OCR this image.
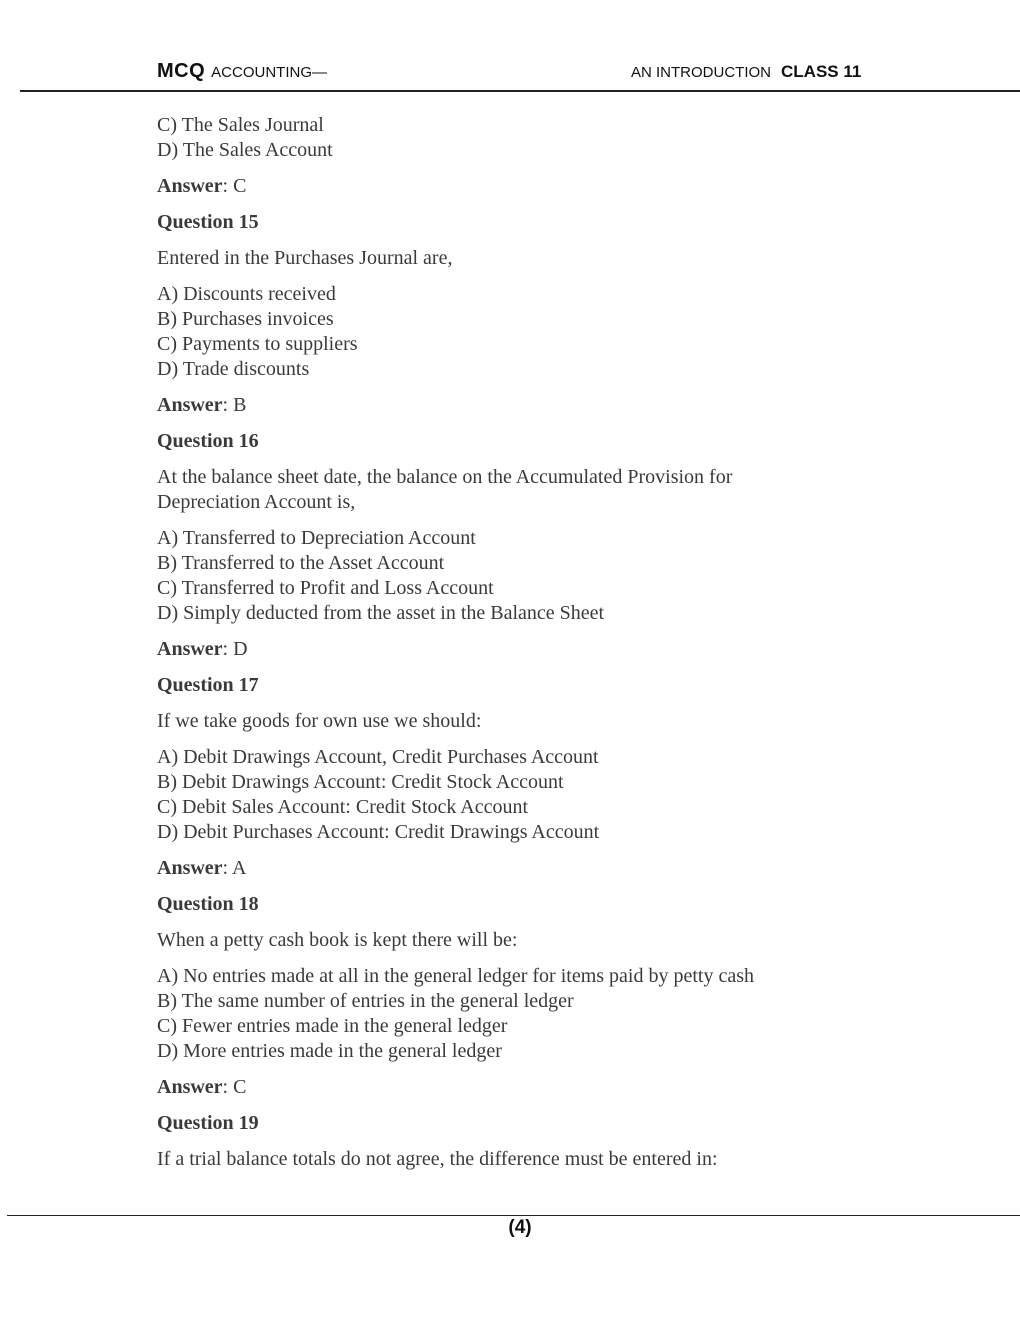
MCQ ACCOUNTING—	AN INTRODUCTION CLASS 11

C) The Sales Journal

D) The Sales Account

Answer: C

Question 15

Entered in the Purchases Journal are,

A) Discounts received

B) Purchases invoices

C) Payments to suppliers

D) Trade discounts

Answer: B

Question 16

At the balance sheet date, the balance on the Accumulated Provision for

Depreciation Account is,

A) Transferred to Depreciation Account

B) Transferred to the Asset Account

C) Transferred to Profit and Loss Account

D) Simply deducted from the asset in the Balance Sheet

Answer: D

Question 17

If we take goods for own use we should:

A) Debit Drawings Account, Credit Purchases Account

B) Debit Drawings Account: Credit Stock Account

C) Debit Sales Account: Credit Stock Account

D) Debit Purchases Account: Credit Drawings Account

Answer: A

Question 18

When a petty cash book is kept there will be:

A) No entries made at all in the general ledger for items paid by petty cash

B) The same number of entries in the general ledger

C) Fewer entries made in the general ledger

D) More entries made in the general ledger

Answer: C

Question 19

If a trial balance totals do not agree, the difference must be entered in:

(4)
